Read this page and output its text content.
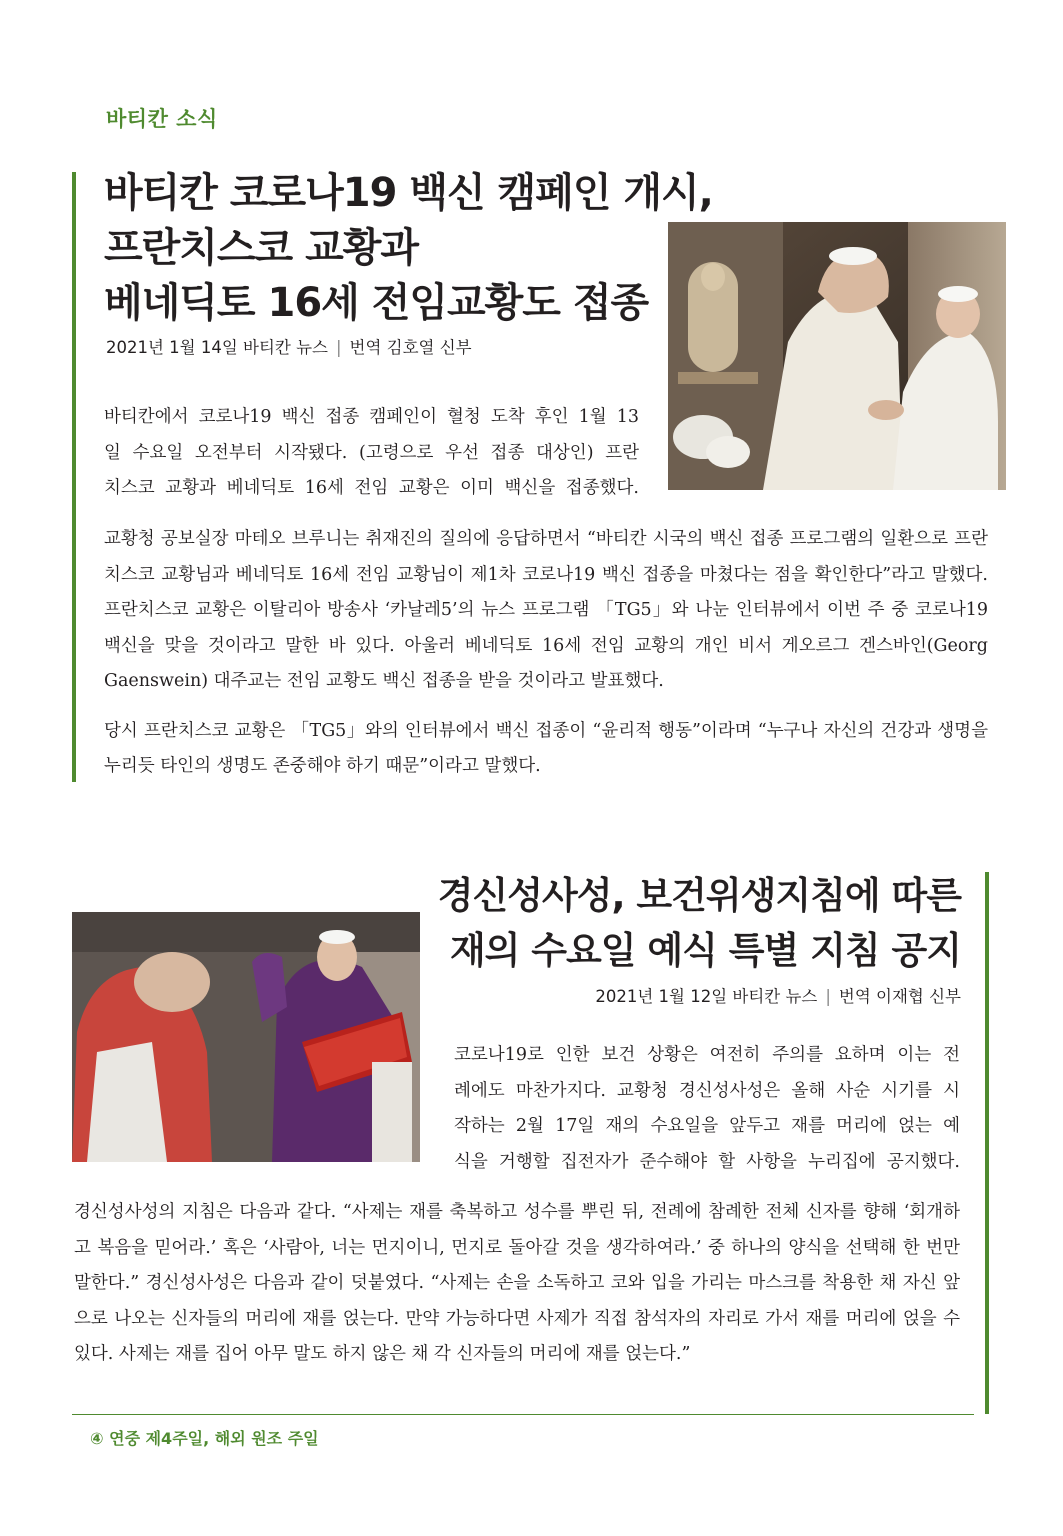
바티칸 소식
바티칸 코로나19 백신 캠페인 개시,
프란치스코 교황과
베네딕토 16세 전임교황도 접종
2021년 1월 14일 바티칸 뉴스 | 번역 김호열 신부

바티칸에서 코로나19 백신 접종 캠페인이 혈청 도착 후인 1월 13

일 수요일 오전부터 시작됐다. (고령으로 우선 접종 대상인) 프란

치스코 교황과 베네딕토 16세 전임 교황은 이미 백신을 접종했다.

교황청 공보실장 마테오 브루니는 취재진의 질의에 응답하면서 “바티칸 시국의 백신 접종 프로그램의 일환으로 프란치스코 교황님과 베네딕토 16세 전임 교황님이 제1차 코로나19 백신 접종을 마쳤다는 점을 확인한다”라고 말했다. 프란치스코 교황은 이탈리아 방송사 ‘카날레5’의 뉴스 프로그램 「TG5」와 나눈 인터뷰에서 이번 주 중 코로나19 백신을 맞을 것이라고 말한 바 있다. 아울러 베네딕토 16세 전임 교황의 개인 비서 게오르그 겐스바인(Georg Gaenswein) 대주교는 전임 교황도 백신 접종을 받을 것이라고 발표했다.

당시 프란치스코 교황은 「TG5」와의 인터뷰에서 백신 접종이 “윤리적 행동”이라며 “누구나 자신의 건강과 생명을 누리듯 타인의 생명도 존중해야 하기 때문”이라고 말했다.

경신성사성, 보건위생지침에 따른
재의 수요일 예식 특별 지침 공지
2021년 1월 12일 바티칸 뉴스 | 번역 이재협 신부

코로나19로 인한 보건 상황은 여전히 주의를 요하며 이는 전

례에도 마찬가지다. 교황청 경신성사성은 올해 사순 시기를 시

작하는 2월 17일 재의 수요일을 앞두고 재를 머리에 얹는 예

식을 거행할 집전자가 준수해야 할 사항을 누리집에 공지했다.

경신성사성의 지침은 다음과 같다. “사제는 재를 축복하고 성수를 뿌린 뒤, 전례에 참례한 전체 신자를 향해 ‘회개하고 복음을 믿어라.’ 혹은 ‘사람아, 너는 먼지이니, 먼지로 돌아갈 것을 생각하여라.’ 중 하나의 양식을 선택해 한 번만 말한다.” 경신성사성은 다음과 같이 덧붙였다. “사제는 손을 소독하고 코와 입을 가리는 마스크를 착용한 채 자신 앞으로 나오는 신자들의 머리에 재를 얹는다. 만약 가능하다면 사제가 직접 참석자의 자리로 가서 재를 머리에 얹을 수 있다. 사제는 재를 집어 아무 말도 하지 않은 채 각 신자들의 머리에 재를 얹는다.”

④ 연중 제4주일, 해외 원조 주일
